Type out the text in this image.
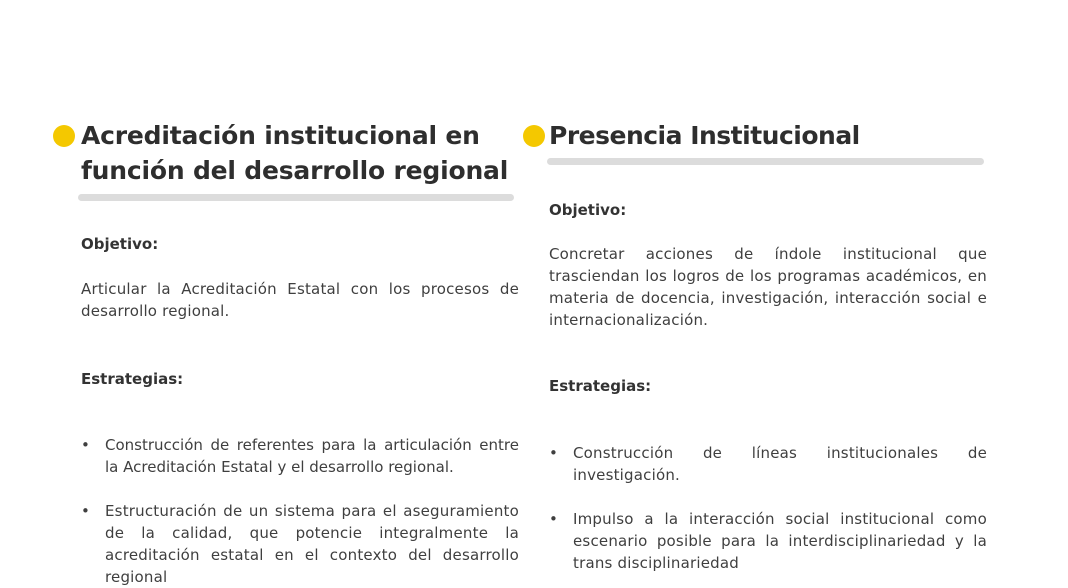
Acreditación institucional en
función del desarrollo regional

Objetivo:

Articular la Acreditación Estatal con los procesos de desarrollo regional.

Estrategias:

• Construcción de referentes para la articulación entre la Acreditación Estatal y el desarrollo regional.
• Estructuración de un sistema para el aseguramiento de la calidad, que potencie integralmente la acreditación estatal en el contexto del desarrollo regional
Presencia Institucional

Objetivo:

Concretar acciones de índole institucional que trasciendan los logros de los programas académicos, en materia de docencia, investigación, interacción social e internacionalización.

Estrategias:

• Construcción de líneas institucionales de investigación.
• Impulso a la interacción social institucional como escenario posible para la interdisciplinariedad y la trans disciplinariedad
